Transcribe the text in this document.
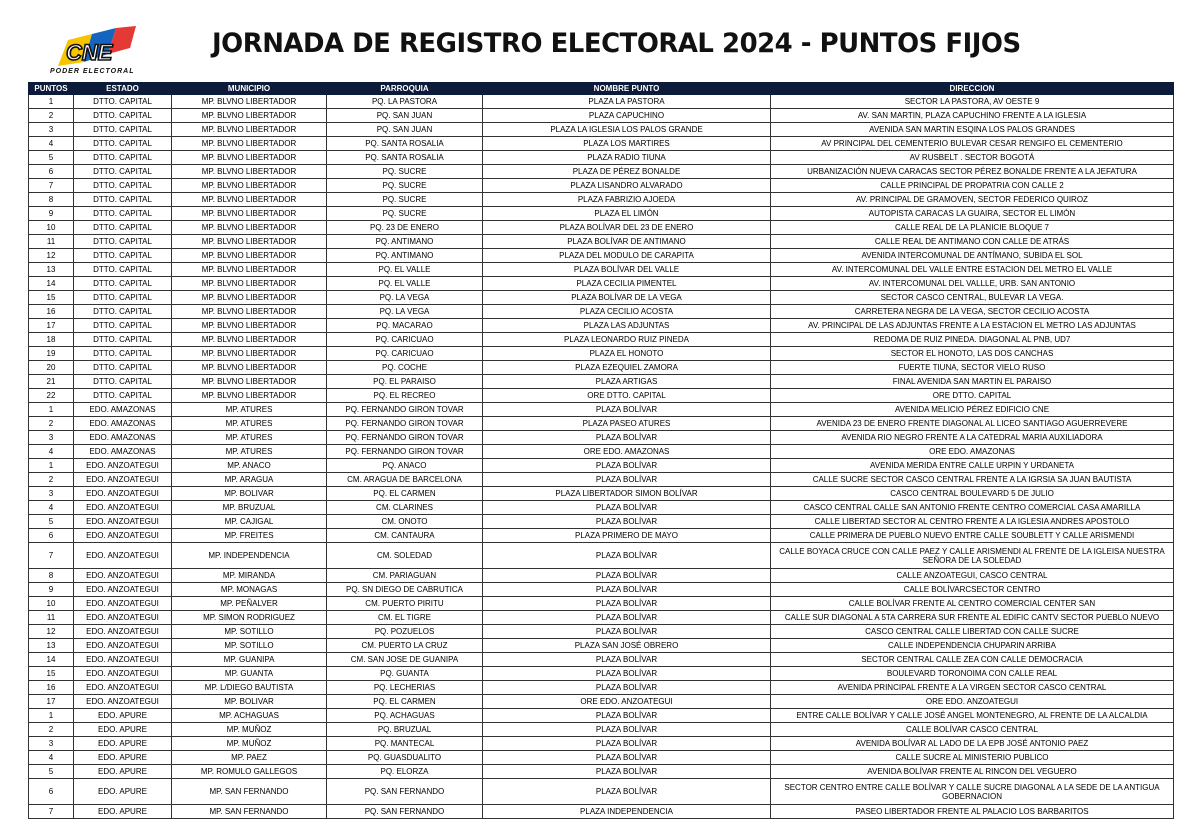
CNE
PODER ELECTORAL
JORNADA DE REGISTRO ELECTORAL 2024 - PUNTOS FIJOS
PUNTOS	ESTADO	MUNICIPIO	PARROQUIA	NOMBRE PUNTO	DIRECCION
1	DTTO. CAPITAL	MP. BLVNO LIBERTADOR	PQ. LA PASTORA	PLAZA LA PASTORA	SECTOR LA PASTORA, AV OESTE 9
2	DTTO. CAPITAL	MP. BLVNO LIBERTADOR	PQ. SAN JUAN	PLAZA CAPUCHINO	AV. SAN MARTIN, PLAZA CAPUCHINO FRENTE A LA IGLESIA
3	DTTO. CAPITAL	MP. BLVNO LIBERTADOR	PQ. SAN JUAN	PLAZA LA IGLESIA LOS PALOS GRANDE	AVENIDA SAN MARTIN ESQINA LOS PALOS GRANDES
4	DTTO. CAPITAL	MP. BLVNO LIBERTADOR	PQ. SANTA ROSALIA	PLAZA LOS MARTIRES	AV PRINCIPAL DEL CEMENTERIO BULEVAR CESAR RENGIFO EL CEMENTERIO
5	DTTO. CAPITAL	MP. BLVNO LIBERTADOR	PQ. SANTA ROSALIA	PLAZA RADIO TIUNA	AV RUSBELT . SECTOR BOGOTÁ
6	DTTO. CAPITAL	MP. BLVNO LIBERTADOR	PQ. SUCRE	PLAZA DE PÉREZ BONALDE	URBANIZACIÓN NUEVA CARACAS SECTOR PÉREZ BONALDE FRENTE A LA JEFATURA
7	DTTO. CAPITAL	MP. BLVNO LIBERTADOR	PQ. SUCRE	PLAZA LISANDRO ALVARADO	CALLE PRINCIPAL DE PROPATRIA CON CALLE 2
8	DTTO. CAPITAL	MP. BLVNO LIBERTADOR	PQ. SUCRE	PLAZA FABRIZIO AJOEDA	AV. PRINCIPAL DE GRAMOVEN, SECTOR FEDERICO QUIROZ
9	DTTO. CAPITAL	MP. BLVNO LIBERTADOR	PQ. SUCRE	PLAZA EL LIMÓN	AUTOPISTA CARACAS LA GUAIRA, SECTOR EL LIMÓN
10	DTTO. CAPITAL	MP. BLVNO LIBERTADOR	PQ. 23 DE ENERO	PLAZA BOLÍVAR DEL 23 DE ENERO	CALLE REAL DE LA PLANICIE BLOQUE 7
11	DTTO. CAPITAL	MP. BLVNO LIBERTADOR	PQ. ANTIMANO	PLAZA BOLÍVAR DE ANTIMANO	CALLE REAL DE ANTIMANO CON CALLE DE ATRÁS
12	DTTO. CAPITAL	MP. BLVNO LIBERTADOR	PQ. ANTIMANO	PLAZA DEL MODULO DE CARAPITA	AVENIDA INTERCOMUNAL DE ANTÍMANO, SUBIDA EL SOL
13	DTTO. CAPITAL	MP. BLVNO LIBERTADOR	PQ. EL VALLE	PLAZA BOLÍVAR DEL VALLE	AV. INTERCOMUNAL DEL VALLE ENTRE ESTACION DEL METRO EL VALLE
14	DTTO. CAPITAL	MP. BLVNO LIBERTADOR	PQ. EL VALLE	PLAZA CECILIA PIMENTEL	AV. INTERCOMUNAL DEL VALLLE, URB. SAN ANTONIO
15	DTTO. CAPITAL	MP. BLVNO LIBERTADOR	PQ. LA VEGA	PLAZA BOLÍVAR DE LA VEGA	SECTOR CASCO CENTRAL, BULEVAR LA VEGA.
16	DTTO. CAPITAL	MP. BLVNO LIBERTADOR	PQ. LA VEGA	PLAZA CECILIO ACOSTA	CARRETERA NEGRA DE LA VEGA, SECTOR CECILIO ACOSTA
17	DTTO. CAPITAL	MP. BLVNO LIBERTADOR	PQ. MACARAO	PLAZA LAS ADJUNTAS	AV. PRINCIPAL DE LAS ADJUNTAS FRENTE A LA ESTACION EL METRO LAS ADJUNTAS
18	DTTO. CAPITAL	MP. BLVNO LIBERTADOR	PQ. CARICUAO	PLAZA LEONARDO RUIZ PINEDA	REDOMA DE RUIZ PINEDA. DIAGONAL AL PNB, UD7
19	DTTO. CAPITAL	MP. BLVNO LIBERTADOR	PQ. CARICUAO	PLAZA EL HONOTO	SECTOR EL HONOTO, LAS DOS CANCHAS
20	DTTO. CAPITAL	MP. BLVNO LIBERTADOR	PQ. COCHE	PLAZA EZEQUIEL ZAMORA	FUERTE TIUNA, SECTOR VIELO RUSO
21	DTTO. CAPITAL	MP. BLVNO LIBERTADOR	PQ. EL PARAISO	PLAZA ARTIGAS	FINAL AVENIDA SAN MARTIN EL PARAISO
22	DTTO. CAPITAL	MP. BLVNO LIBERTADOR	PQ. EL RECREO	ORE DTTO. CAPITAL	ORE DTTO. CAPITAL
1	EDO. AMAZONAS	MP. ATURES	PQ. FERNANDO GIRON TOVAR	PLAZA BOLÍVAR	AVENIDA MELICIO PÉREZ EDIFICIO CNE
2	EDO. AMAZONAS	MP. ATURES	PQ. FERNANDO GIRON TOVAR	PLAZA PASEO ATURES	AVENIDA 23 DE ENERO FRENTE DIAGONAL AL LICEO SANTIAGO AGUERREVERE
3	EDO. AMAZONAS	MP. ATURES	PQ. FERNANDO GIRON TOVAR	PLAZA BOLÍVAR	AVENIDA RIO NEGRO FRENTE A LA CATEDRAL MARIA AUXILIADORA
4	EDO. AMAZONAS	MP. ATURES	PQ. FERNANDO GIRON TOVAR	ORE EDO. AMAZONAS	ORE EDO. AMAZONAS
1	EDO. ANZOATEGUI	MP. ANACO	PQ. ANACO	PLAZA BOLÍVAR	AVENIDA MERIDA ENTRE CALLE URPIN Y URDANETA
2	EDO. ANZOATEGUI	MP. ARAGUA	CM. ARAGUA DE BARCELONA	PLAZA BOLÍVAR	CALLE SUCRE SECTOR CASCO CENTRAL FRENTE A LA IGRSIA SA JUAN BAUTISTA
3	EDO. ANZOATEGUI	MP. BOLIVAR	PQ. EL CARMEN	PLAZA LIBERTADOR SIMON BOLÍVAR	CASCO CENTRAL BOULEVARD 5 DE JULIO
4	EDO. ANZOATEGUI	MP. BRUZUAL	CM. CLARINES	PLAZA BOLÍVAR	CASCO CENTRAL CALLE SAN ANTONIO FRENTE CENTRO COMERCIAL CASA AMARILLA
5	EDO. ANZOATEGUI	MP. CAJIGAL	CM. ONOTO	PLAZA BOLÍVAR	CALLE LIBERTAD SECTOR AL CENTRO FRENTE A LA IGLESIA ANDRES APOSTOLO
6	EDO. ANZOATEGUI	MP. FREITES	CM. CANTAURA	PLAZA PRIMERO DE MAYO	CALLE PRIMERA DE PUEBLO NUEVO ENTRE CALLE SOUBLETT Y CALLE ARISMENDI
7	EDO. ANZOATEGUI	MP. INDEPENDENCIA	CM. SOLEDAD	PLAZA BOLÍVAR	CALLE BOYACA CRUCE CON CALLE PAEZ Y CALLE ARISMENDI AL FRENTE DE LA IGLEISA NUESTRA SEÑORA DE LA SOLEDAD
8	EDO. ANZOATEGUI	MP. MIRANDA	CM. PARIAGUAN	PLAZA BOLÍVAR	CALLE ANZOATEGUI, CASCO CENTRAL
9	EDO. ANZOATEGUI	MP. MONAGAS	PQ. SN DIEGO DE CABRUTICA	PLAZA BOLÍVAR	CALLE BOLÍVARCSECTOR CENTRO
10	EDO. ANZOATEGUI	MP. PEÑALVER	CM. PUERTO PIRITU	PLAZA BOLÍVAR	CALLE BOLÍVAR FRENTE AL CENTRO COMERCIAL CENTER SAN
11	EDO. ANZOATEGUI	MP. SIMON RODRIGUEZ	CM. EL TIGRE	PLAZA BOLÍVAR	CALLE SUR DIAGONAL A 5TA CARRERA SUR FRENTE AL EDIFIC CANTV SECTOR PUEBLO NUEVO
12	EDO. ANZOATEGUI	MP. SOTILLO	PQ. POZUELOS	PLAZA BOLÍVAR	CASCO CENTRAL CALLE LIBERTAD CON CALLE SUCRE
13	EDO. ANZOATEGUI	MP. SOTILLO	CM. PUERTO LA CRUZ	PLAZA SAN JOSÉ OBRERO	CALLE INDEPENDENCIA CHUPARIN ARRIBA
14	EDO. ANZOATEGUI	MP. GUANIPA	CM. SAN JOSE DE GUANIPA	PLAZA BOLÍVAR	SECTOR CENTRAL CALLE ZEA CON CALLE DEMOCRACIA
15	EDO. ANZOATEGUI	MP. GUANTA	PQ. GUANTA	PLAZA BOLÍVAR	BOULEVARD TORONOIMA CON CALLE REAL
16	EDO. ANZOATEGUI	MP. L/DIEGO BAUTISTA	PQ. LECHERIAS	PLAZA BOLÍVAR	AVENIDA PRINCIPAL FRENTE A LA VIRGEN SECTOR CASCO CENTRAL
17	EDO. ANZOATEGUI	MP. BOLIVAR	PQ. EL CARMEN	ORE EDO. ANZOATEGUI	ORE EDO. ANZOATEGUI
1	EDO. APURE	MP. ACHAGUAS	PQ. ACHAGUAS	PLAZA BOLÍVAR	ENTRE CALLE BOLÍVAR Y CALLE JOSÉ ANGEL MONTENEGRO, AL FRENTE DE LA ALCALDIA
2	EDO. APURE	MP. MUÑOZ	PQ. BRUZUAL	PLAZA BOLÍVAR	CALLE BOLÍVAR CASCO CENTRAL
3	EDO. APURE	MP. MUÑOZ	PQ. MANTECAL	PLAZA BOLÍVAR	AVENIDA BOLÍVAR AL LADO DE LA EPB JOSÉ ANTONIO PAEZ
4	EDO. APURE	MP. PAEZ	PQ. GUASDUALITO	PLAZA BOLÍVAR	CALLE SUCRE AL MINISTERIO PUBLICO
5	EDO. APURE	MP. ROMULO GALLEGOS	PQ. ELORZA	PLAZA BOLÍVAR	AVENIDA BOLÍVAR FRENTE AL RINCON DEL VEGUERO
6	EDO. APURE	MP. SAN FERNANDO	PQ. SAN FERNANDO	PLAZA BOLÍVAR	SECTOR CENTRO ENTRE CALLE BOLÍVAR Y CALLE SUCRE DIAGONAL A LA SEDE DE LA ANTIGUA GOBERNACION
7	EDO. APURE	MP. SAN FERNANDO	PQ. SAN FERNANDO	PLAZA INDEPENDENCIA	PASEO LIBERTADOR FRENTE AL PALACIO LOS BARBARITOS
